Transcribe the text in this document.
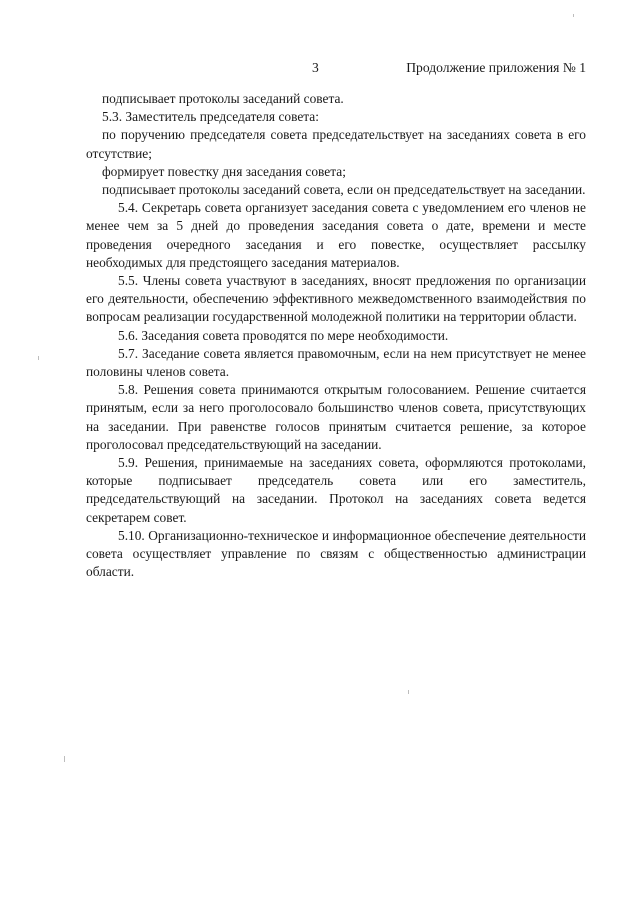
3	Продолжение приложения № 1

подписывает протоколы заседаний совета.

5.3. Заместитель председателя совета:

по поручению председателя совета председательствует на заседаниях совета в его отсутствие;

формирует повестку дня заседания совета;

подписывает протоколы заседаний совета, если он председательствует на заседании.

5.4. Секретарь совета организует заседания совета с уведомлением его членов не менее чем за 5 дней до проведения заседания совета о дате, времени и месте проведения очередного заседания и его повестке, осуществляет рассылку необходимых для предстоящего заседания материалов.

5.5. Члены совета участвуют в заседаниях, вносят предложения по организации его деятельности, обеспечению эффективного межведомственного взаимодействия по вопросам реализации государственной молодежной политики на территории области.

5.6. Заседания совета проводятся по мере необходимости.

5.7. Заседание совета является правомочным, если на нем присутствует не менее половины членов совета.

5.8. Решения совета принимаются открытым голосованием. Решение считается принятым, если за него проголосовало большинство членов совета, присутствующих на заседании. При равенстве голосов принятым считается решение, за которое проголосовал председательствующий на заседании.

5.9. Решения, принимаемые на заседаниях совета, оформляются протоколами, которые подписывает председатель совета или его заместитель, председательствующий на заседании. Протокол на заседаниях совета ведется секретарем совет.

5.10. Организационно-техническое и информационное обеспечение деятельности совета осуществляет управление по связям с общественностью администрации области.
